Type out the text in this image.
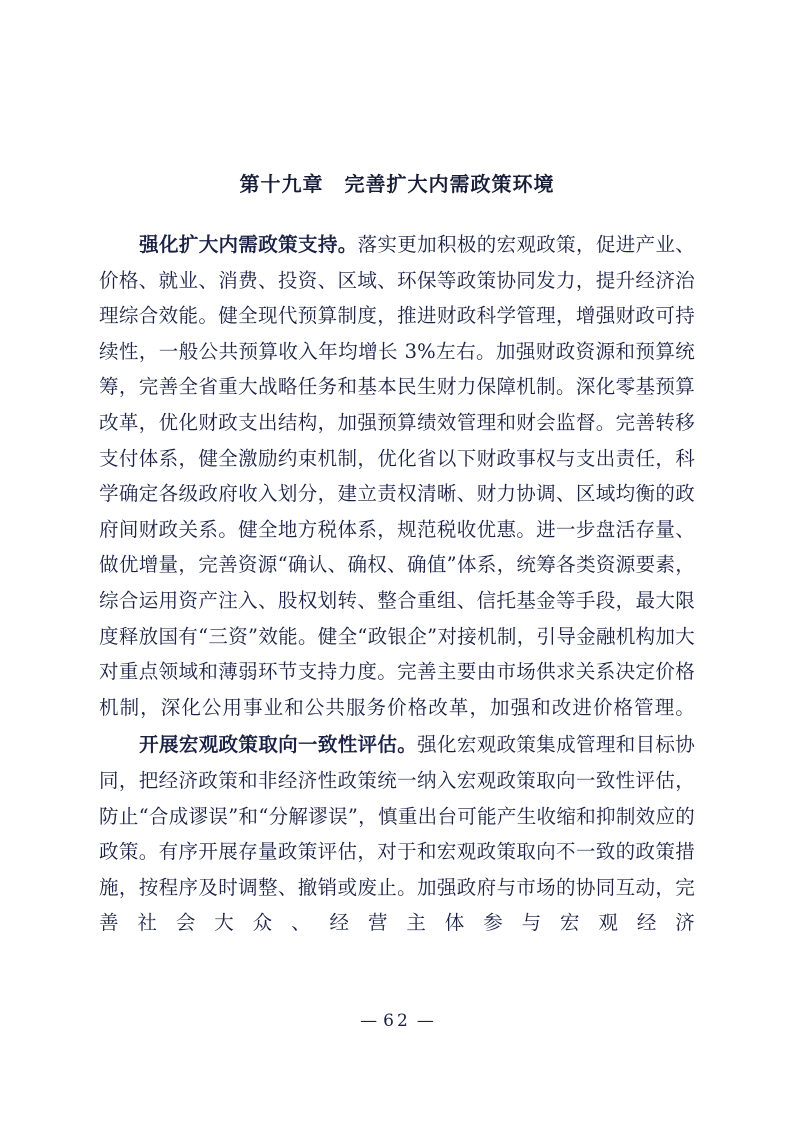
第十九章　完善扩大内需政策环境

强化扩大内需政策支持。落实更加积极的宏观政策，促进产业、价格、就业、消费、投资、区域、环保等政策协同发力，提升经济治理综合效能。健全现代预算制度，推进财政科学管理，增强财政可持续性，一般公共预算收入年均增长 3%左右。加强财政资源和预算统筹，完善全省重大战略任务和基本民生财力保障机制。深化零基预算改革，优化财政支出结构，加强预算绩效管理和财会监督。完善转移支付体系，健全激励约束机制，优化省以下财政事权与支出责任，科学确定各级政府收入划分，建立责权清晰、财力协调、区域均衡的政府间财政关系。健全地方税体系，规范税收优惠。进一步盘活存量、做优增量，完善资源“确认、确权、确值”体系，统筹各类资源要素，综合运用资产注入、股权划转、整合重组、信托基金等手段，最大限度释放国有“三资”效能。健全“政银企”对接机制，引导金融机构加大对重点领域和薄弱环节支持力度。完善主要由市场供求关系决定价格机制，深化公用事业和公共服务价格改革，加强和改进价格管理。

开展宏观政策取向一致性评估。强化宏观政策集成管理和目标协同，把经济政策和非经济性政策统一纳入宏观政策取向一致性评估，防止“合成谬误”和“分解谬误”，慎重出台可能产生收缩和抑制效应的政策。有序开展存量政策评估，对于和宏观政策取向不一致的政策措施，按程序及时调整、撤销或废止。加强政府与市场的协同互动，完善社会大众、经营主体参与宏观经济

— 62 —
